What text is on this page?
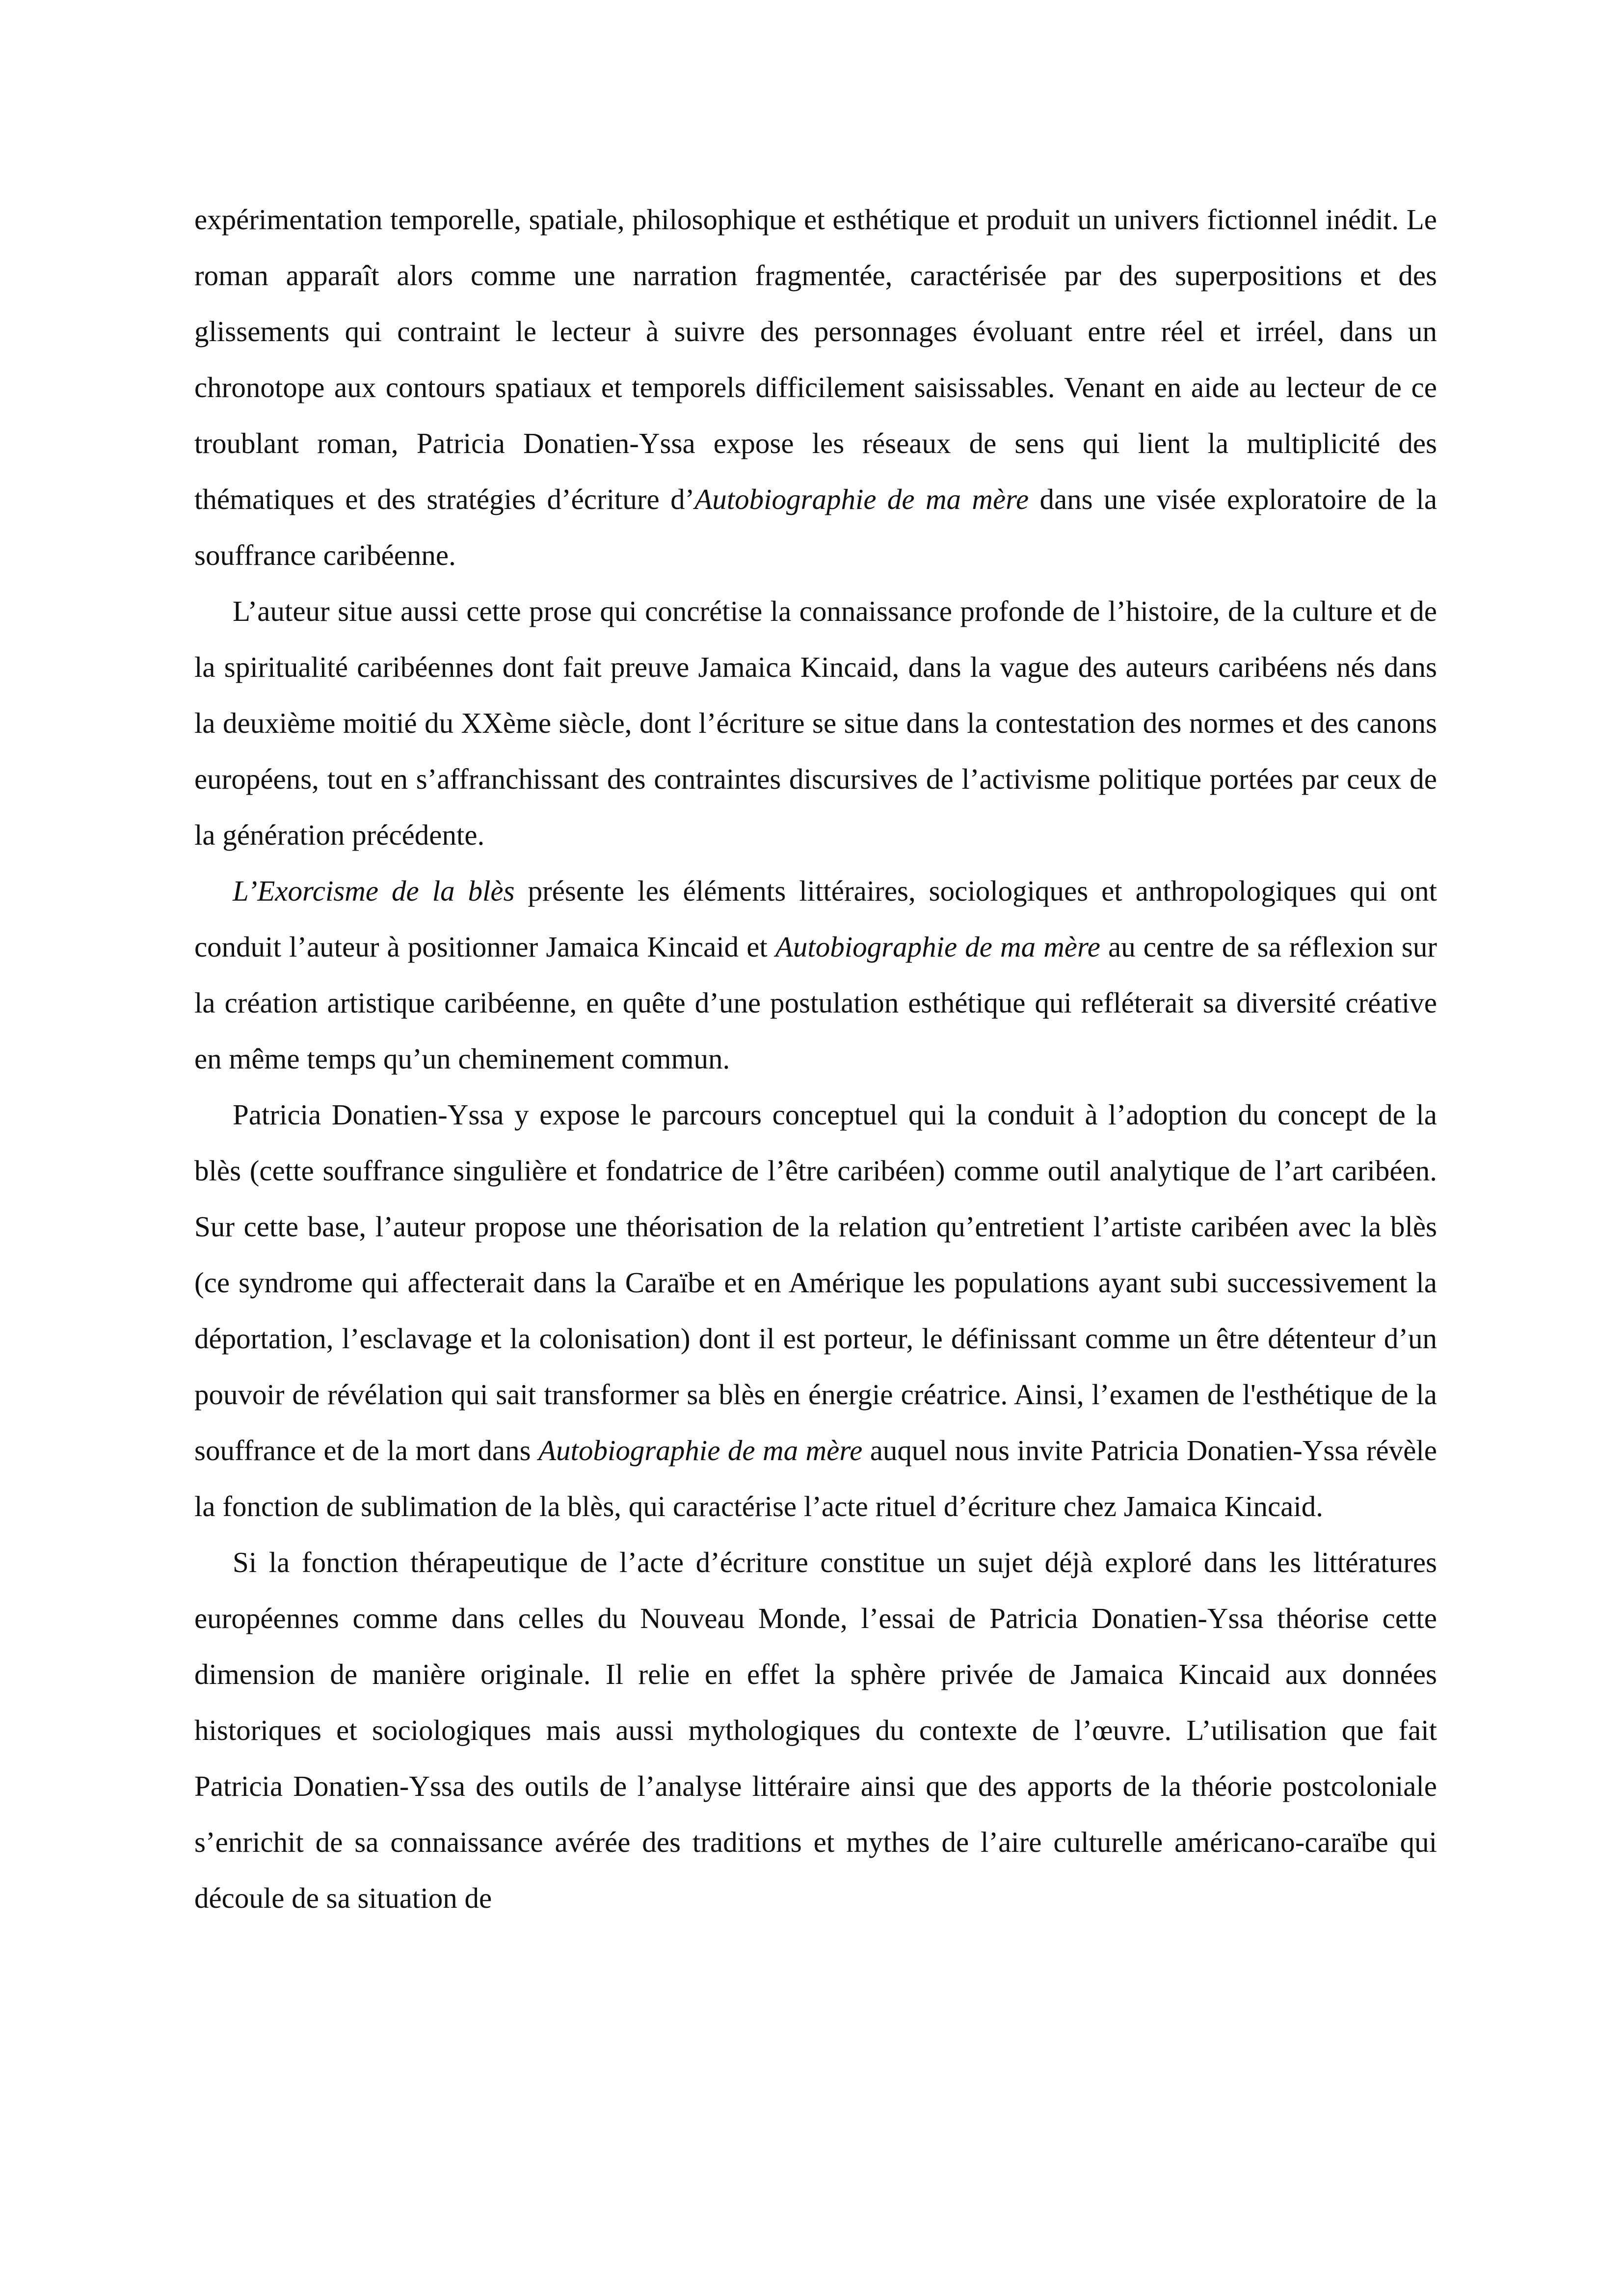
expérimentation temporelle, spatiale, philosophique et esthétique et produit un univers fictionnel inédit. Le roman apparaît alors comme une narration fragmentée, caractérisée par des superpositions et des glissements qui contraint le lecteur à suivre des personnages évoluant entre réel et irréel, dans un chronotope aux contours spatiaux et temporels difficilement saisissables. Venant en aide au lecteur de ce troublant roman, Patricia Donatien-Yssa expose les réseaux de sens qui lient la multiplicité des thématiques et des stratégies d’écriture d’Autobiographie de ma mère dans une visée exploratoire de la souffrance caribéenne.

L’auteur situe aussi cette prose qui concrétise la connaissance profonde de l’histoire, de la culture et de la spiritualité caribéennes dont fait preuve Jamaica Kincaid, dans la vague des auteurs caribéens nés dans la deuxième moitié du XXème siècle, dont l’écriture se situe dans la contestation des normes et des canons européens, tout en s’affranchissant des contraintes discursives de l’activisme politique portées par ceux de la génération précédente.

L’Exorcisme de la blès présente les éléments littéraires, sociologiques et anthropologiques qui ont conduit l’auteur à positionner Jamaica Kincaid et Autobiographie de ma mère au centre de sa réflexion sur la création artistique caribéenne, en quête d’une postulation esthétique qui refléterait sa diversité créative en même temps qu’un cheminement commun.

Patricia Donatien-Yssa y expose le parcours conceptuel qui la conduit à l’adoption du concept de la blès (cette souffrance singulière et fondatrice de l’être caribéen) comme outil analytique de l’art caribéen. Sur cette base, l’auteur propose une théorisation de la relation qu’entretient l’artiste caribéen avec la blès (ce syndrome qui affecterait dans la Caraïbe et en Amérique les populations ayant subi successivement la déportation, l’esclavage et la colonisation) dont il est porteur, le définissant comme un être détenteur d’un pouvoir de révélation qui sait transformer sa blès en énergie créatrice. Ainsi, l’examen de l'esthétique de la souffrance et de la mort dans Autobiographie de ma mère auquel nous invite Patricia Donatien-Yssa révèle la fonction de sublimation de la blès, qui caractérise l’acte rituel d’écriture chez Jamaica Kincaid.

Si la fonction thérapeutique de l’acte d’écriture constitue un sujet déjà exploré dans les littératures européennes comme dans celles du Nouveau Monde, l’essai de Patricia Donatien-Yssa théorise cette dimension de manière originale. Il relie en effet la sphère privée de Jamaica Kincaid aux données historiques et sociologiques mais aussi mythologiques du contexte de l’œuvre. L’utilisation que fait Patricia Donatien-Yssa des outils de l’analyse littéraire ainsi que des apports de la théorie postcoloniale s’enrichit de sa connaissance avérée des traditions et mythes de l’aire culturelle américano-caraïbe qui découle de sa situation de
